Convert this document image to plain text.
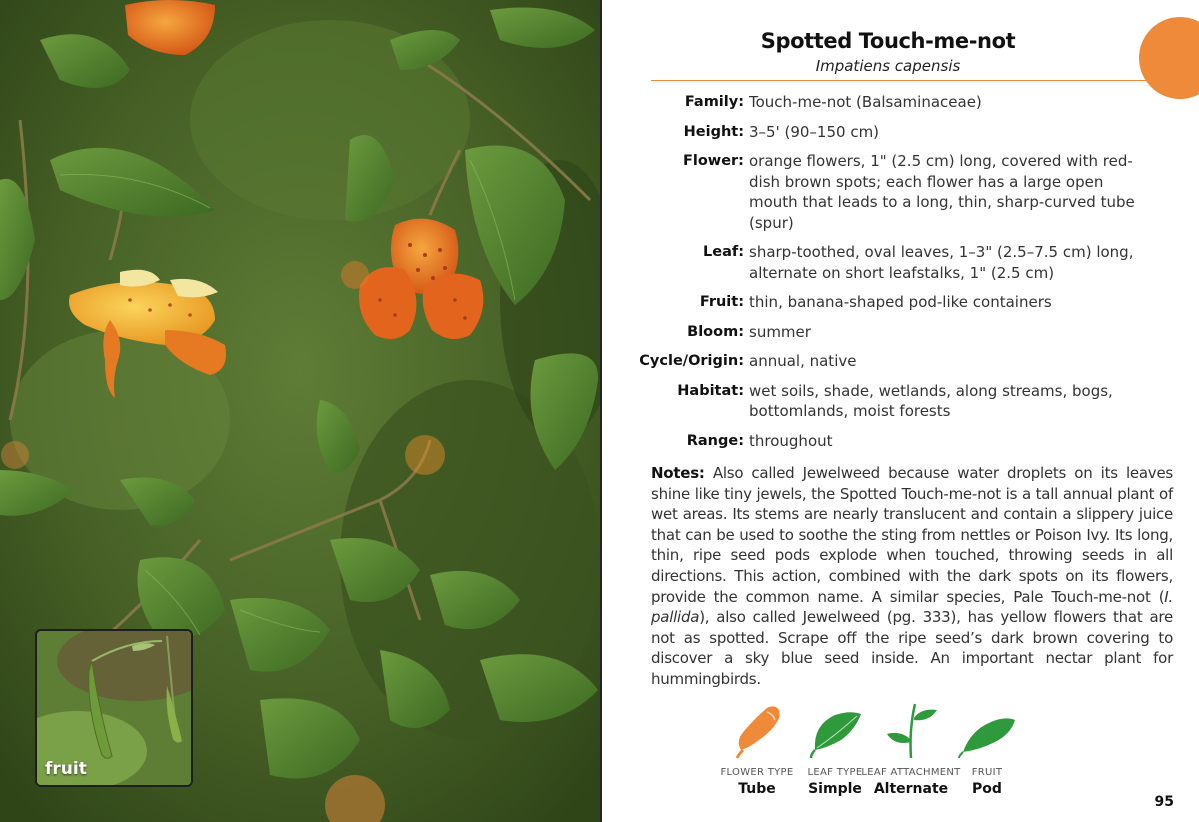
fruit
Spotted Touch-me-not
Impatiens capensis
Family: Touch-me-not (Balsaminaceae)
Height: 3–5' (90–150 cm)
Flower: orange flowers, 1" (2.5 cm) long, covered with red-dish brown spots; each flower has a large open mouth that leads to a long, thin, sharp-curved tube (spur)
Leaf: sharp-toothed, oval leaves, 1–3" (2.5–7.5 cm) long, alternate on short leafstalks, 1" (2.5 cm)
Fruit: thin, banana-shaped pod-like containers
Bloom: summer
Cycle/Origin: annual, native
Habitat: wet soils, shade, wetlands, along streams, bogs, bottomlands, moist forests
Range: throughout
Notes: Also called Jewelweed because water droplets on its leaves shine like tiny jewels, the Spotted Touch-me-not is a tall annual plant of wet areas. Its stems are nearly translucent and contain a slippery juice that can be used to soothe the sting from nettles or Poison Ivy. Its long, thin, ripe seed pods explode when touched, throwing seeds in all directions. This action, combined with the dark spots on its flowers, provide the common name. A similar species, Pale Touch-me-not (I. pallida), also called Jewelweed (pg. 333), has yellow flowers that are not as spotted. Scrape off the ripe seed’s dark brown covering to discover a sky blue seed inside. An important nectar plant for hummingbirds.
FLOWER TYPE
Tube
LEAF TYPE
Simple
LEAF ATTACHMENT
Alternate
FRUIT
Pod
95
